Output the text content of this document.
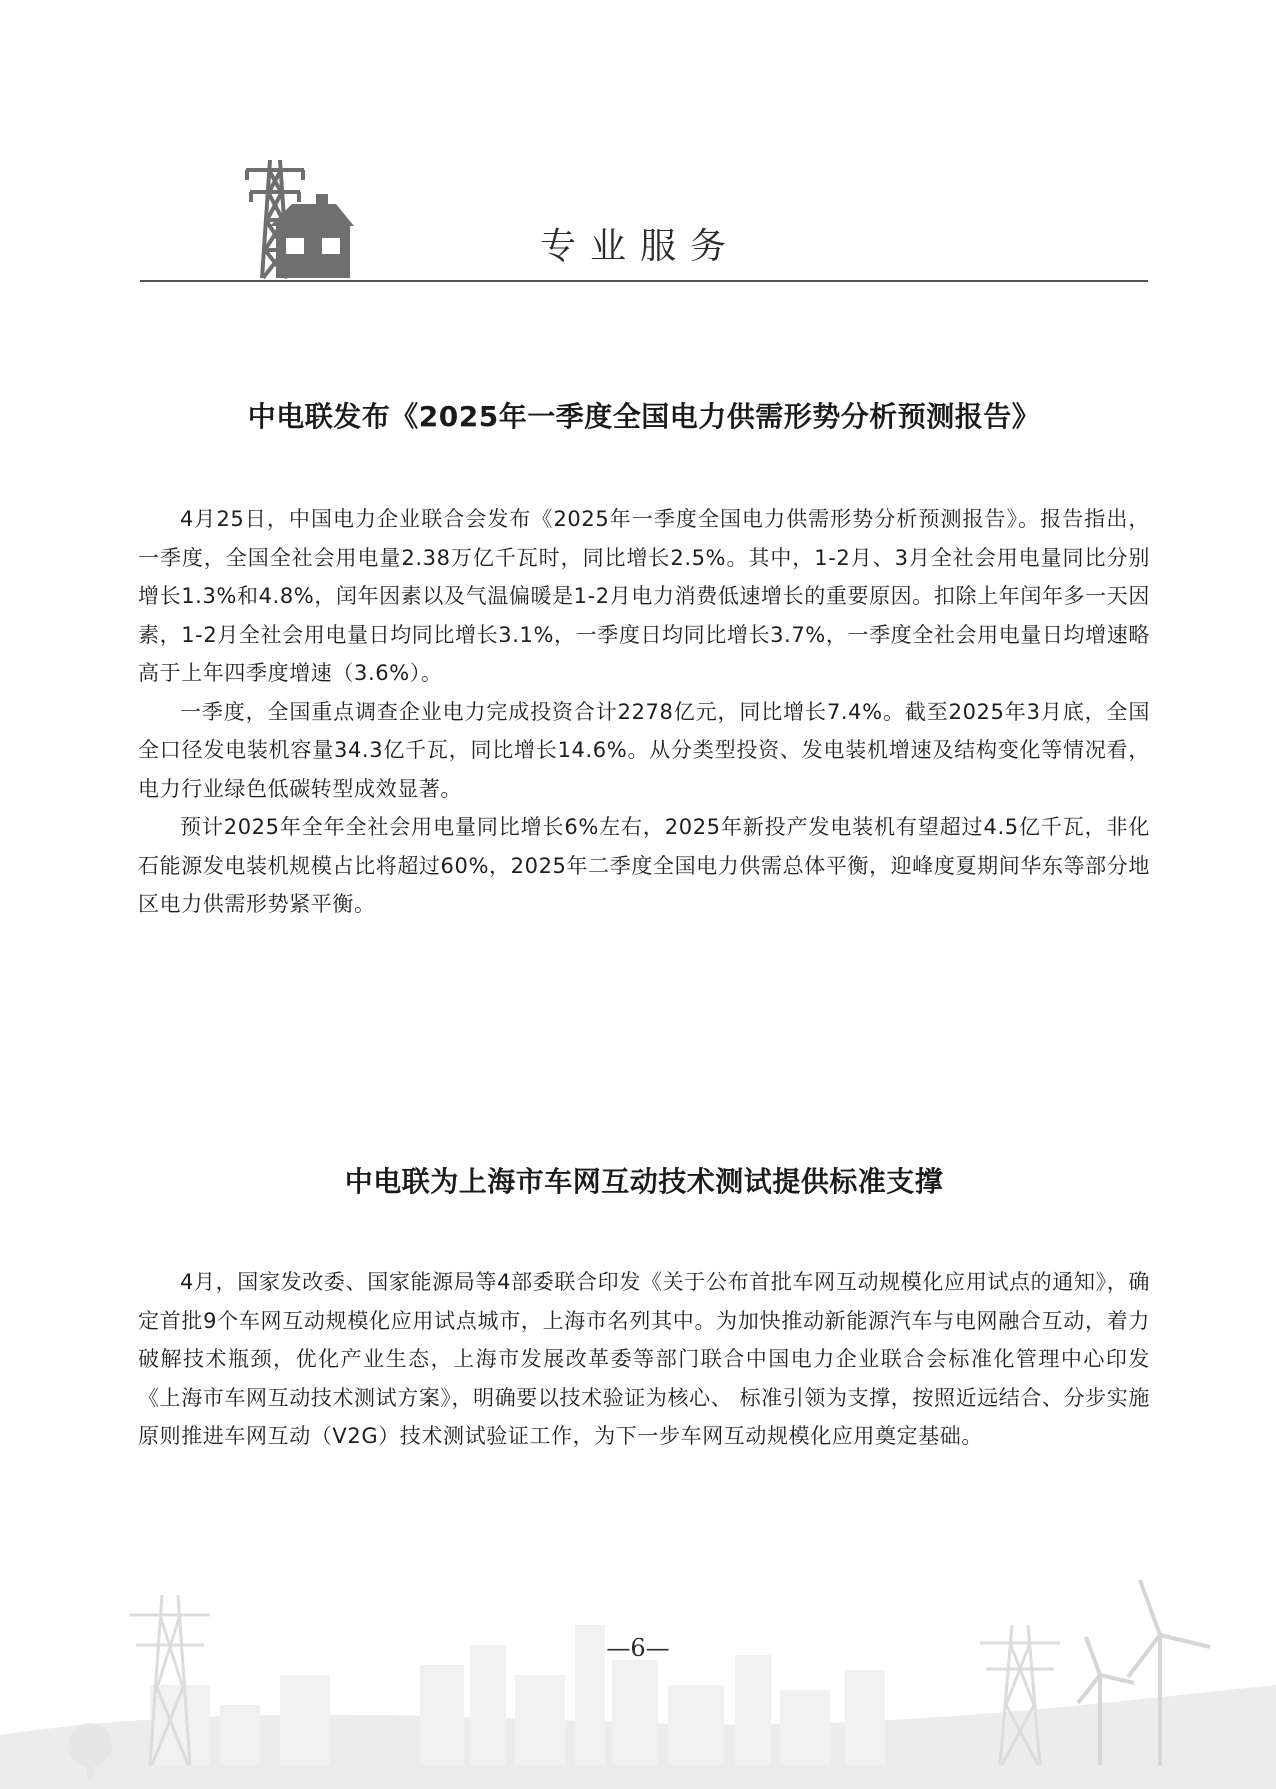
专业服务
中电联发布《2025年一季度全国电力供需形势分析预测报告》

4月25日，中国电力企业联合会发布《2025年一季度全国电力供需形势分析预测报告》。报告指出，一季度，全国全社会用电量2.38万亿千瓦时，同比增长2.5%。其中，1-2月、3月全社会用电量同比分别增长1.3%和4.8%，闰年因素以及气温偏暖是1-2月电力消费低速增长的重要原因。扣除上年闰年多一天因素，1-2月全社会用电量日均同比增长3.1%，一季度日均同比增长3.7%，一季度全社会用电量日均增速略高于上年四季度增速（3.6%）。

一季度，全国重点调查企业电力完成投资合计2278亿元，同比增长7.4%。截至2025年3月底，全国全口径发电装机容量34.3亿千瓦，同比增长14.6%。从分类型投资、发电装机增速及结构变化等情况看，电力行业绿色低碳转型成效显著。

预计2025年全年全社会用电量同比增长6%左右，2025年新投产发电装机有望超过4.5亿千瓦，非化石能源发电装机规模占比将超过60%，2025年二季度全国电力供需总体平衡，迎峰度夏期间华东等部分地区电力供需形势紧平衡。

中电联为上海市车网互动技术测试提供标准支撑

4月，国家发改委、国家能源局等4部委联合印发《关于公布首批车网互动规模化应用试点的通知》，确定首批9个车网互动规模化应用试点城市，上海市名列其中。为加快推动新能源汽车与电网融合互动，着力破解技术瓶颈，优化产业生态，上海市发展改革委等部门联合中国电力企业联合会标准化管理中心印发《上海市车网互动技术测试方案》，明确要以技术验证为核心、 标准引领为支撑，按照近远结合、分步实施原则推进车网互动（V2G）技术测试验证工作，为下一步车网互动规模化应用奠定基础。

—6—
